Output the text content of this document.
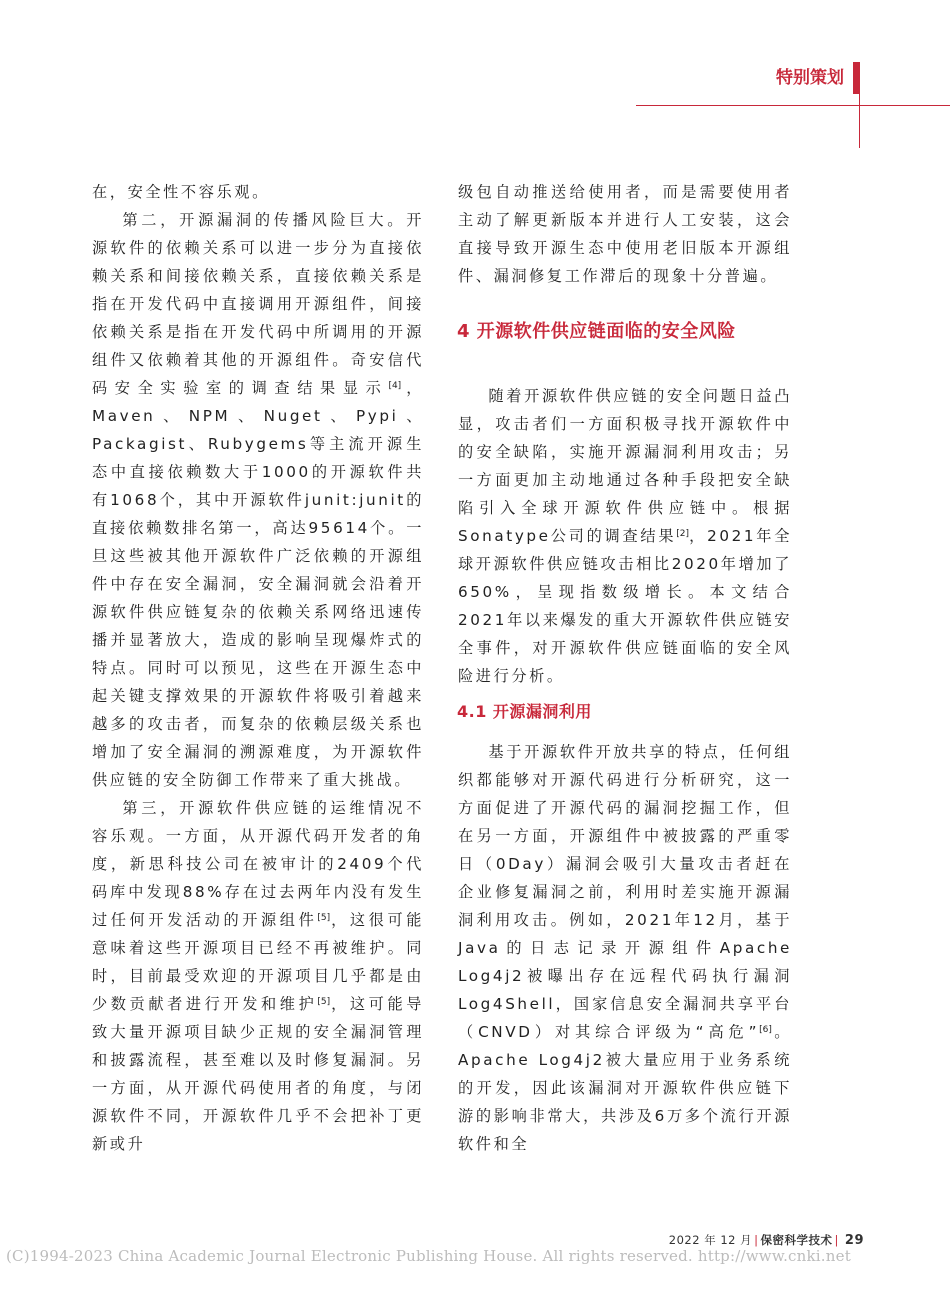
特别策划

在，安全性不容乐观。

第二，开源漏洞的传播风险巨大。开源软件的依赖关系可以进一步分为直接依赖关系和间接依赖关系，直接依赖关系是指在开发代码中直接调用开源组件，间接依赖关系是指在开发代码中所调用的开源组件又依赖着其他的开源组件。奇安信代码安全实验室的调查结果显示[4]，Maven、NPM、Nuget、Pypi、Packagist、Rubygems等主流开源生态中直接依赖数大于1000的开源软件共有1068个，其中开源软件junit:junit的直接依赖数排名第一，高达95614个。一旦这些被其他开源软件广泛依赖的开源组件中存在安全漏洞，安全漏洞就会沿着开源软件供应链复杂的依赖关系网络迅速传播并显著放大，造成的影响呈现爆炸式的特点。同时可以预见，这些在开源生态中起关键支撑效果的开源软件将吸引着越来越多的攻击者，而复杂的依赖层级关系也增加了安全漏洞的溯源难度，为开源软件供应链的安全防御工作带来了重大挑战。

第三，开源软件供应链的运维情况不容乐观。一方面，从开源代码开发者的角度，新思科技公司在被审计的2409个代码库中发现88%存在过去两年内没有发生过任何开发活动的开源组件[5]，这很可能意味着这些开源项目已经不再被维护。同时，目前最受欢迎的开源项目几乎都是由少数贡献者进行开发和维护[5]，这可能导致大量开源项目缺少正规的安全漏洞管理和披露流程，甚至难以及时修复漏洞。另一方面，从开源代码使用者的角度，与闭源软件不同，开源软件几乎不会把补丁更新或升

级包自动推送给使用者，而是需要使用者主动了解更新版本并进行人工安装，这会直接导致开源生态中使用老旧版本开源组件、漏洞修复工作滞后的现象十分普遍。

4 开源软件供应链面临的安全风险

随着开源软件供应链的安全问题日益凸显，攻击者们一方面积极寻找开源软件中的安全缺陷，实施开源漏洞利用攻击；另一方面更加主动地通过各种手段把安全缺陷引入全球开源软件供应链中。根据Sonatype公司的调查结果[2]，2021年全球开源软件供应链攻击相比2020年增加了650%，呈现指数级增长。本文结合2021年以来爆发的重大开源软件供应链安全事件，对开源软件供应链面临的安全风险进行分析。

4.1 开源漏洞利用

基于开源软件开放共享的特点，任何组织都能够对开源代码进行分析研究，这一方面促进了开源代码的漏洞挖掘工作，但在另一方面，开源组件中被披露的严重零日（0Day）漏洞会吸引大量攻击者赶在企业修复漏洞之前，利用时差实施开源漏洞利用攻击。例如，2021年12月，基于Java的日志记录开源组件Apache Log4j2被曝出存在远程代码执行漏洞Log4Shell，国家信息安全漏洞共享平台（CNVD）对其综合评级为“高危”[6]。Apache Log4j2被大量应用于业务系统的开发，因此该漏洞对开源软件供应链下游的影响非常大，共涉及6万多个流行开源软件和全

2022 年 12 月 | 保密科学技术 | 29
(C)1994-2023 China Academic Journal Electronic Publishing House. All rights reserved. http://www.cnki.net
